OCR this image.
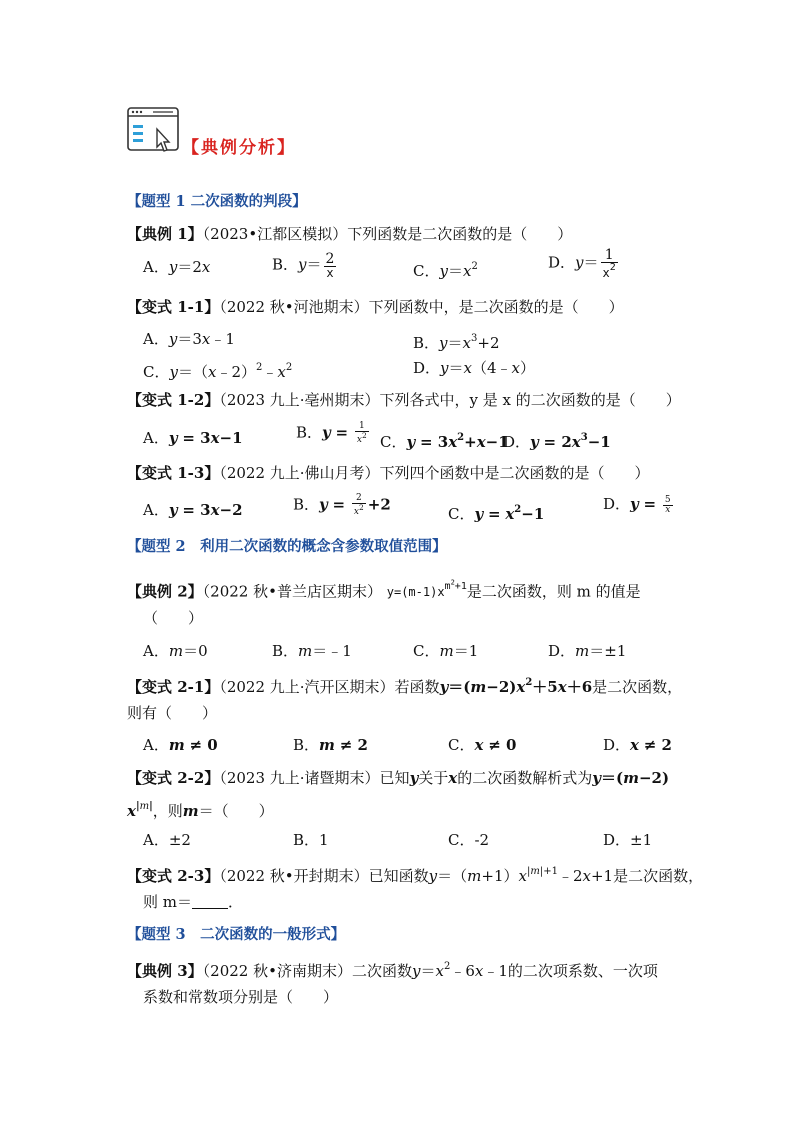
【典例分析】
【题型 1 二次函数的判段】
【典例 1】（2023•江都区模拟）下列函数是二次函数的是（　　）
A．y＝2x	B．$y= \frac{2}{x}$	C．$y=x^2$	D．$y= \frac{1}{x^2}$
【变式 1-1】（2022 秋•河池期末）下列函数中，是二次函数的是（　　）
A．y＝3x﹣1	B．$y=x^3+2$
C．$y=(x﹣2)^2﹣x^2$	D．y＝x（4﹣x）
【变式 1-2】（2023 九上·亳州期末）下列各式中，y 是 x 的二次函数的是（　　）
A．y = 3x−1	B．$y = \frac{1}{x^2}$ C．$y = 3x^2+x-1$
D．$y = 2x^3-1$
【变式 1-3】（2022 九上·佛山月考）下列四个函数中是二次函数的是（　　）
A．y = 3x−2	B．$y = \frac{2}{x^2} +2$
C．$y = x^2-1$
D．$y = \frac{5}{x}$
【题型 2　利用二次函数的概念含参数取值范围】
【典例 2】（2022 秋•普兰店区期末） $y=(m-1)x^{m^2+1}$是二次函数，则 m 的值是
（　　）
A．m＝0	B．m＝﹣1	C．m＝1	D．m＝±1
【变式 2-1】（2022 九上·汽开区期末）若函数$y=(m-2)x^2+5x+6$是二次函数，
则有（　　）
A．m ≠ 0	B．m ≠ 2	C．x ≠ 0	D．x ≠ 2
【变式 2-2】（2023 九上·诸暨期末）已知y关于x的二次函数解析式为y＝(m−2)
$x^{|m|}$，则m＝（　　）
A．±2	B．1	C．-2	D．±1
【变式 2-3】（2022 秋•开封期末）已知函数$y=(m+1)x^{|m|+1}﹣2x+1$是二次函数，
则 m＝ ．
【题型 3　二次函数的一般形式】
【典例 3】（2022 秋•济南期末）二次函数$y=x^2﹣6x﹣1$的二次项系数、一次项
系数和常数项分别是（　　）
